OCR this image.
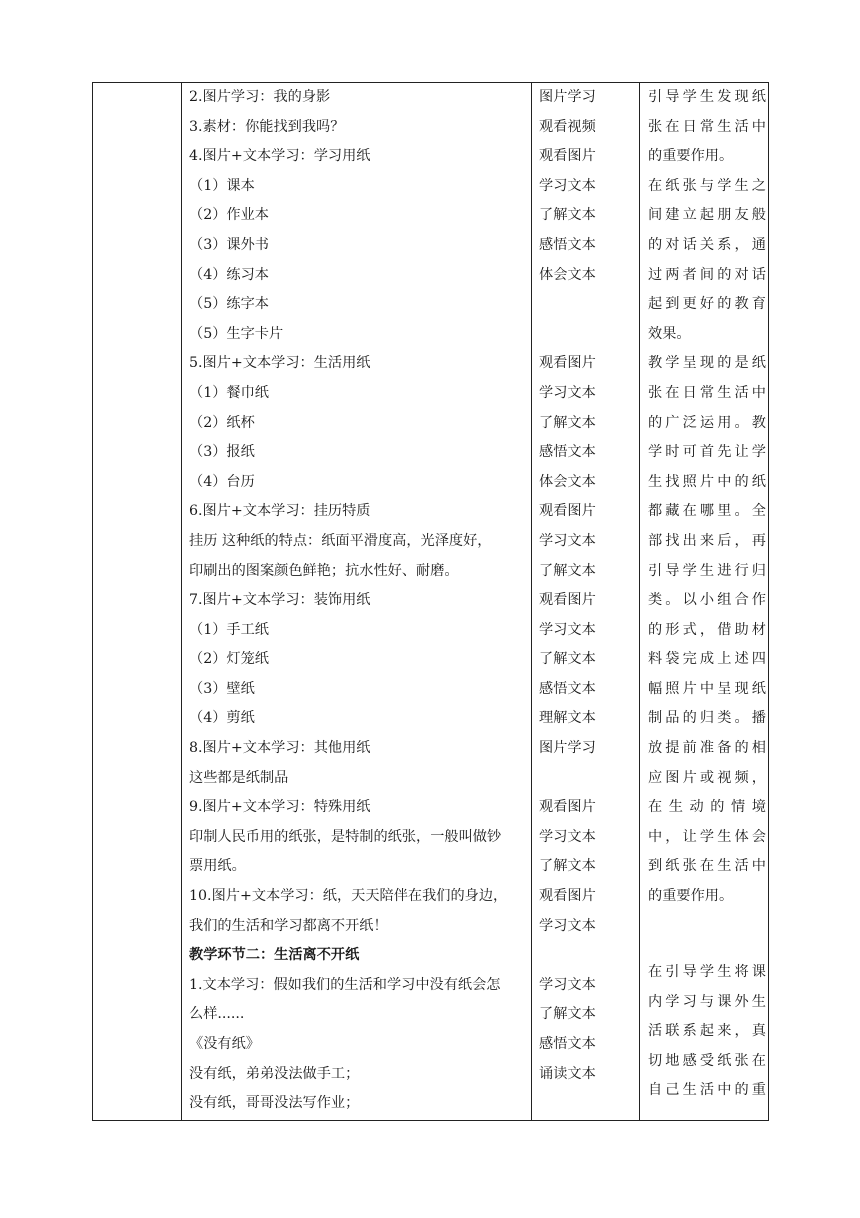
2.图片学习：我的身影
3.素材：你能找到我吗？
4.图片+文本学习：学习用纸
（1）课本
（2）作业本
（3）课外书
（4）练习本
（5）练字本
（5）生字卡片
5.图片+文本学习：生活用纸
（1）餐巾纸
（2）纸杯
（3）报纸
（4）台历
6.图片+文本学习：挂历特质
挂历 这种纸的特点：纸面平滑度高，光泽度好，
印刷出的图案颜色鲜艳；抗水性好、耐磨。
7.图片+文本学习：装饰用纸
（1）手工纸
（2）灯笼纸
（3）壁纸
（4）剪纸
8.图片+文本学习：其他用纸
这些都是纸制品
9.图片+文本学习：特殊用纸
印制人民币用的纸张，是特制的纸张，一般叫做钞
票用纸。
10.图片+文本学习：纸，天天陪伴在我们的身边，
我们的生活和学习都离不开纸！
教学环节二：生活离不开纸
1.文本学习：假如我们的生活和学习中没有纸会怎
么样......
《没有纸》
没有纸，弟弟没法做手工；
没有纸，哥哥没法写作业；
图片学习
观看视频
观看图片
学习文本
了解文本
感悟文本
体会文本
观看图片
学习文本
了解文本
感悟文本
体会文本
观看图片
学习文本
了解文本
观看图片
学习文本
了解文本
感悟文本
理解文本
图片学习
观看图片
学习文本
了解文本
观看图片
学习文本
学习文本
了解文本
感悟文本
诵读文本
引导学生发现纸
张在日常生活中
的重要作用。
在纸张与学生之
间建立起朋友般
的对话关系，通
过两者间的对话
起到更好的教育
效果。
教学呈现的是纸
张在日常生活中
的广泛运用。教
学时可首先让学
生找照片中的纸
都藏在哪里。全
部找出来后，再
引导学生进行归
类。以小组合作
的形式，借助材
料袋完成上述四
幅照片中呈现纸
制品的归类。播
放提前准备的相
应图片或视频，
在生动的情境
中，让学生体会
到纸张在生活中
的重要作用。
在引导学生将课
内学习与课外生
活联系起来，真
切地感受纸张在
自己生活中的重
